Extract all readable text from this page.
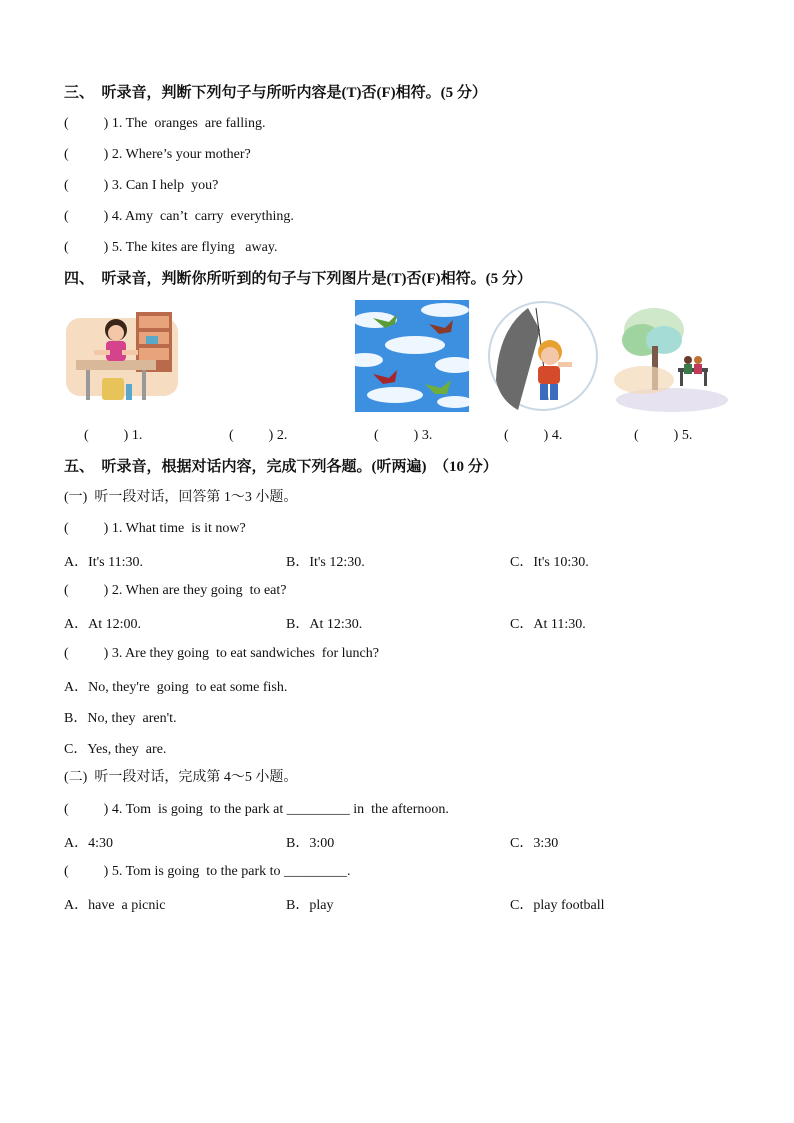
三、  听录音，判断下列句子与所听内容是(T)否(F)相符。(5 分）
(          ) 1. The  oranges  are falling.
(          ) 2. Where’s your mother?
(          ) 3. Can I help  you?
(          ) 4. Amy  can’t  carry  everything.
(          ) 5. The kites are flying   away.
四、  听录音，判断你所听到的句子与下列图片是(T)否(F)相符。(5 分）
(          ) 1.	(          ) 2.	(          ) 3.	(          ) 4.	(          ) 5.
五、  听录音，根据对话内容，完成下列各题。(听两遍)  （10 分）
(一)  听一段对话，回答第 1～3 小题。
(          ) 1. What time  is it now?
A．It's 11:30.	B．It's 12:30.	C．It's 10:30.
(          ) 2. When are they going  to eat?
A．At 12:00.	B．At 12:30.	C．At 11:30.
(          ) 3. Are they going  to eat sandwiches  for lunch?
A．No, they're  going  to eat some fish.
B．No, they  aren't.
C．Yes, they  are.
(二)  听一段对话，完成第 4～5 小题。
(          ) 4. Tom  is going  to the park at _________ in  the afternoon.
A．4:30	B．3:00	C．3:30
(          ) 5. Tom is going  to the park to _________.
A．have  a picnic	B．play	C．play football
